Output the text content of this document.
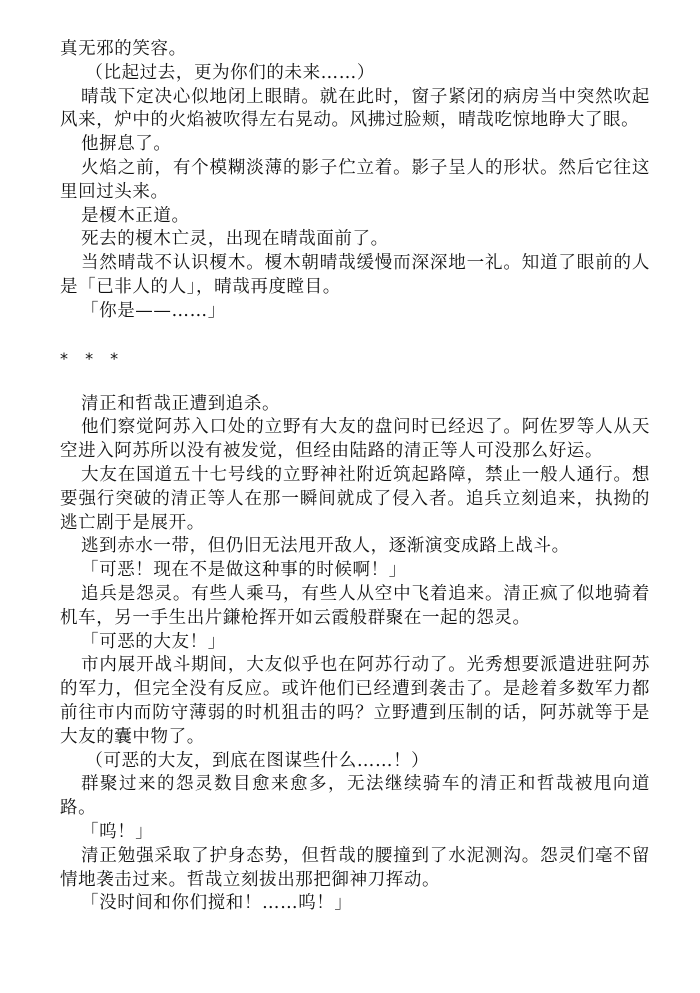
真无邪的笑容。

（比起过去，更为你们的未来……）

晴哉下定决心似地闭上眼睛。就在此时，窗子紧闭的病房当中突然吹起风来，炉中的火焰被吹得左右晃动。风拂过脸颊，晴哉吃惊地睁大了眼。

他摒息了。

火焰之前，有个模糊淡薄的影子伫立着。影子呈人的形状。然后它往这里回过头来。

是榎木正道。

死去的榎木亡灵，出现在晴哉面前了。

当然晴哉不认识榎木。榎木朝晴哉缓慢而深深地一礼。知道了眼前的人是「已非人的人」，晴哉再度瞠目。

「你是——……」

* * *

清正和哲哉正遭到追杀。

他们察觉阿苏入口处的立野有大友的盘问时已经迟了。阿佐罗等人从天空进入阿苏所以没有被发觉，但经由陆路的清正等人可没那么好运。

大友在国道五十七号线的立野神社附近筑起路障，禁止一般人通行。想要强行突破的清正等人在那一瞬间就成了侵入者。追兵立刻追来，执拗的逃亡剧于是展开。

逃到赤水一带，但仍旧无法甩开敌人，逐渐演变成路上战斗。

「可恶！现在不是做这种事的时候啊！」

追兵是怨灵。有些人乘马，有些人从空中飞着追来。清正疯了似地骑着机车，另一手生出片鎌枪挥开如云霞般群聚在一起的怨灵。

「可恶的大友！」

市内展开战斗期间，大友似乎也在阿苏行动了。光秀想要派遣进驻阿苏的军力，但完全没有反应。或许他们已经遭到袭击了。是趁着多数军力都前往市内而防守薄弱的时机狙击的吗？立野遭到压制的话，阿苏就等于是大友的囊中物了。

（可恶的大友，到底在图谋些什么……！）

群聚过来的怨灵数目愈来愈多，无法继续骑车的清正和哲哉被甩向道路。

「呜！」

清正勉强采取了护身态势，但哲哉的腰撞到了水泥测沟。怨灵们毫不留情地袭击过来。哲哉立刻拔出那把御神刀挥动。

「没时间和你们搅和！……呜！」
